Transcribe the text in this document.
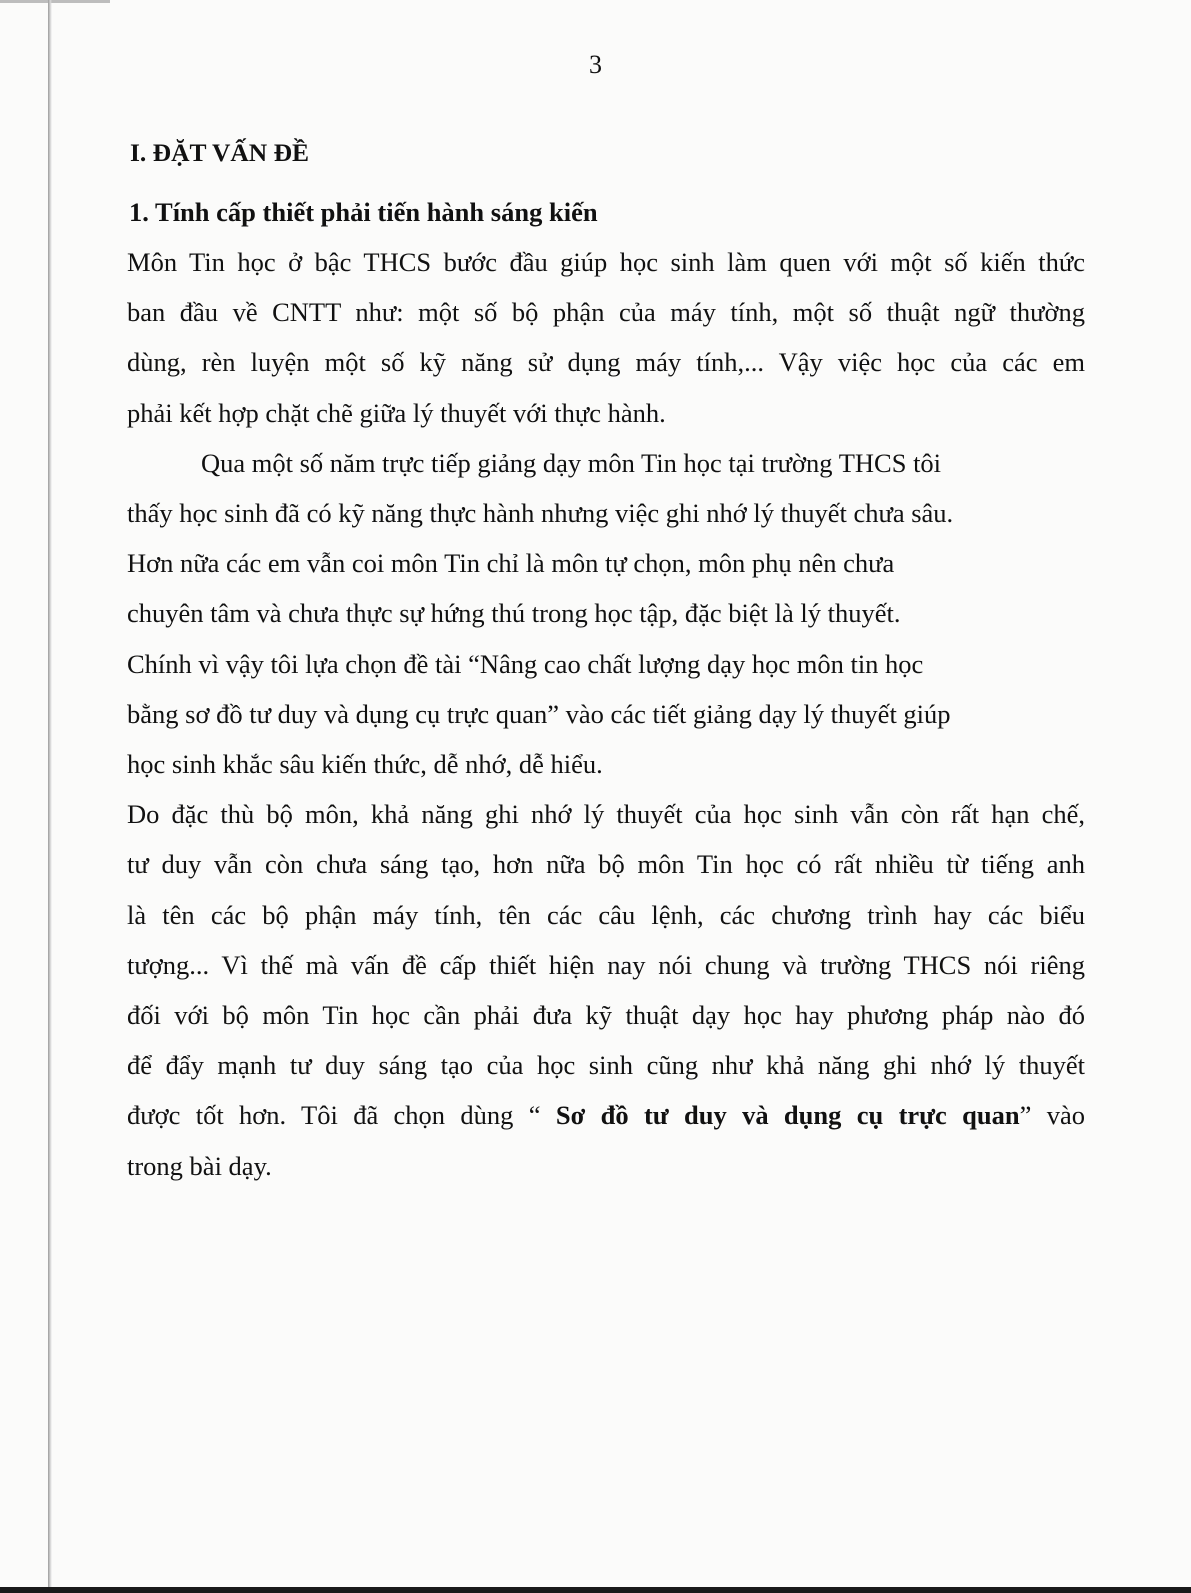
3

I. ĐẶT VẤN ĐỀ
1. Tính cấp thiết phải tiến hành sáng kiến
Môn Tin học ở bậc THCS bước đầu giúp học sinh làm quen với một số kiến thức
ban đầu về CNTT như: một số bộ phận của máy tính, một số thuật ngữ thường
dùng, rèn luyện một số kỹ năng sử dụng máy tính,... Vậy việc học của các em
phải kết hợp chặt chẽ giữa lý thuyết với thực hành.
Qua một số năm trực tiếp giảng dạy môn Tin học tại trường THCS tôi
thấy học sinh đã có kỹ năng thực hành nhưng việc ghi nhớ lý thuyết chưa sâu.
Hơn nữa các em vẫn coi môn Tin chỉ là môn tự chọn, môn phụ nên chưa
chuyên tâm và chưa thực sự hứng thú trong học tập, đặc biệt là lý thuyết.
Chính vì vậy tôi lựa chọn đề tài “Nâng cao chất lượng dạy học môn tin học
bằng sơ đồ tư duy và dụng cụ trực quan” vào các tiết giảng dạy lý thuyết giúp
học sinh khắc sâu kiến thức, dễ nhớ, dễ hiểu.
Do đặc thù bộ môn, khả năng ghi nhớ lý thuyết của học sinh vẫn còn rất hạn chế,
tư duy vẫn còn chưa sáng tạo, hơn nữa bộ môn Tin học có rất nhiều từ tiếng anh
là tên các bộ phận máy tính, tên các câu lệnh, các chương trình hay các biểu
tượng... Vì thế mà vấn đề cấp thiết hiện nay nói chung và trường THCS nói riêng
đối với bộ môn Tin học cần phải đưa kỹ thuật dạy học hay phương pháp nào đó
để đẩy mạnh tư duy sáng tạo của học sinh cũng như khả năng ghi nhớ lý thuyết
được tốt hơn. Tôi đã chọn dùng “ Sơ đồ tư duy và dụng cụ trực quan” vào
trong bài dạy.
